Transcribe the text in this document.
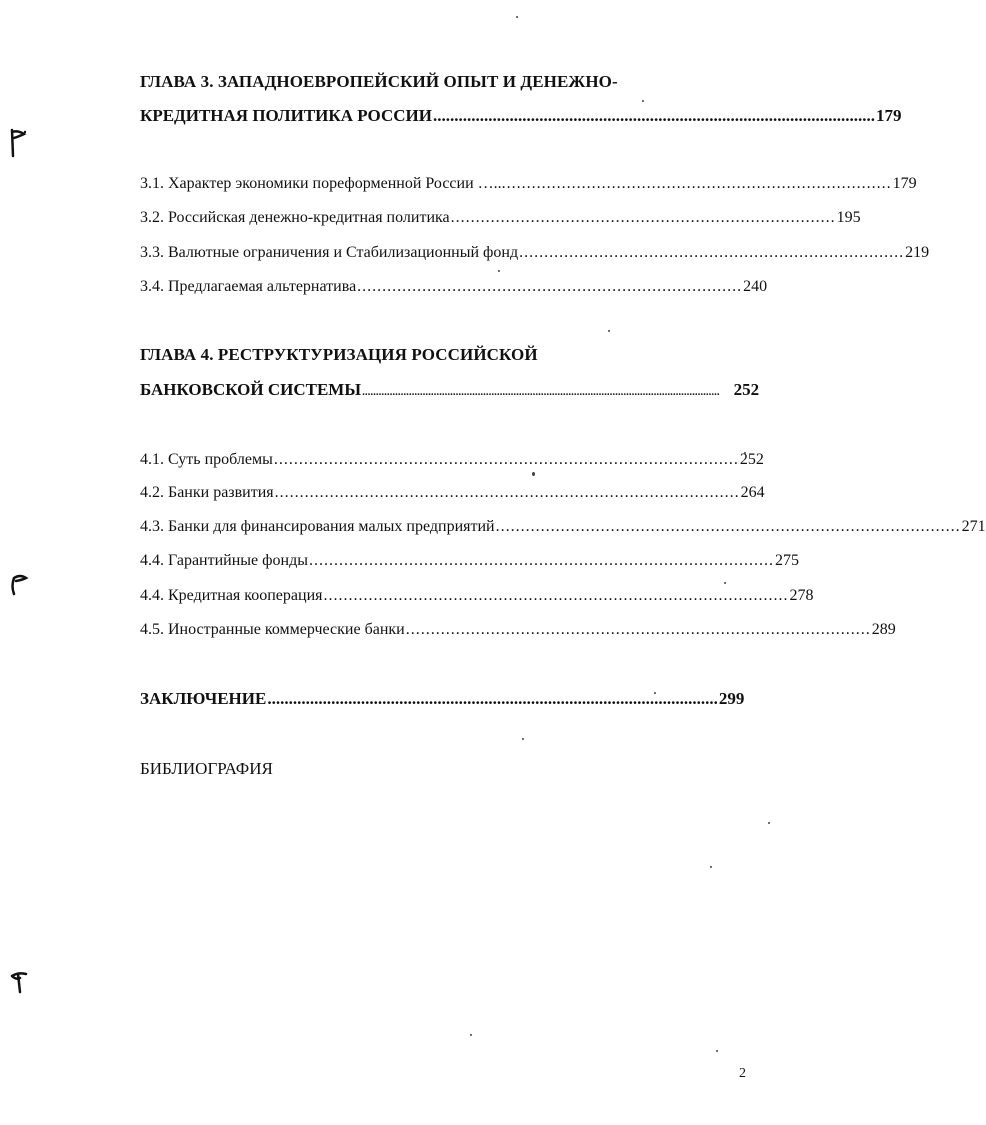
ГЛАВА 3. ЗАПАДНОЕВРОПЕЙСКИЙ ОПЫТ И ДЕНЕЖНО-
КРЕДИТНАЯ ПОЛИТИКА РОССИИ ........................................................................................................ 179
3.1. Характер экономики пореформенной России …... ............................................................................. 179
3.2. Российская денежно-кредитная политика ............................................................................. 195
3.3. Валютные ограничения и Стабилизационный фонд ............................................................................. 219
3.4. Предлагаемая альтернатива ............................................................................. 240
ГЛАВА 4. РЕСТРУКТУРИЗАЦИЯ РОССИЙСКОЙ
БАНКОВСКОЙ СИСТЕМЫ .................................................................................................................................. 252
4.1. Суть проблемы ............................................................................................. 252
4.2. Банки развития ............................................................................................. 264
4.3. Банки для финансирования малых предприятий ............................................................................................. 271
4.4. Гарантийные фонды ............................................................................................. 275
4.4. Кредитная кооперация ............................................................................................. 278
4.5. Иностранные коммерческие банки ............................................................................................. 289
ЗАКЛЮЧЕНИЕ .......................................................................................................... 299
БИБЛИОГРАФИЯ
2
